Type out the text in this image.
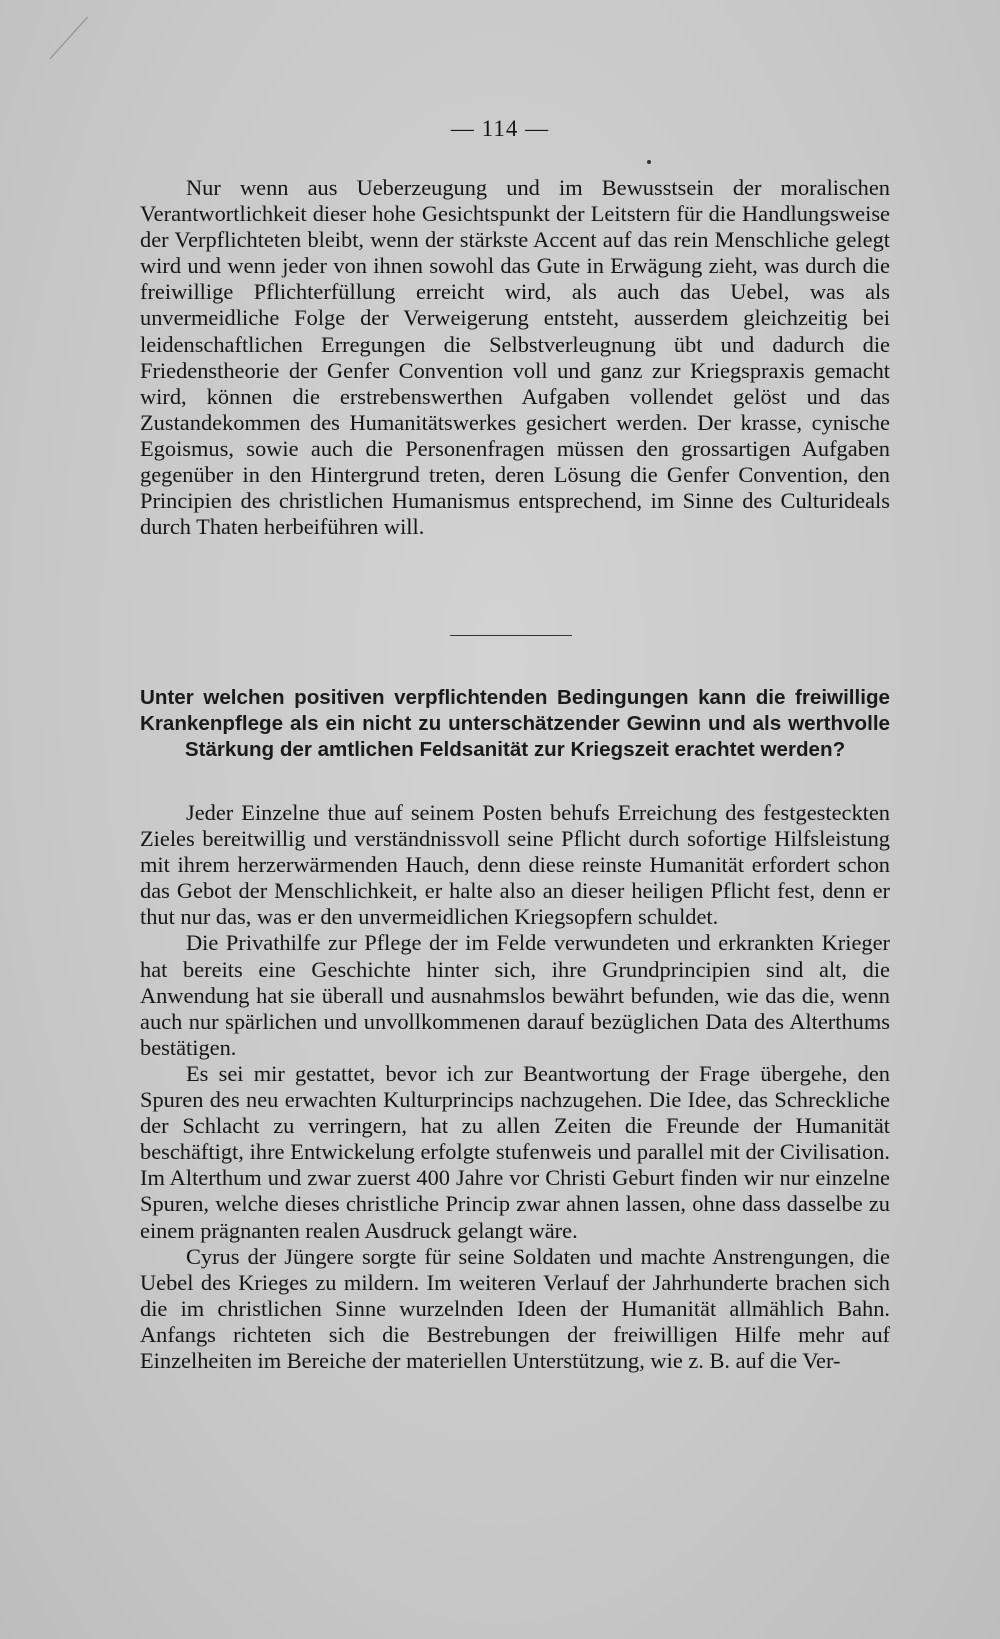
— 114 —

Nur wenn aus Ueberzeugung und im Bewusstsein der moralischen Verantwortlichkeit dieser hohe Gesichtspunkt der Leitstern für die Handlungsweise der Verpflichteten bleibt, wenn der stärkste Accent auf das rein Menschliche gelegt wird und wenn jeder von ihnen sowohl das Gute in Erwägung zieht, was durch die freiwillige Pflichterfüllung erreicht wird, als auch das Uebel, was als unvermeidliche Folge der Verweigerung entsteht, ausserdem gleichzeitig bei leidenschaftlichen Erregungen die Selbstverleugnung übt und dadurch die Friedenstheorie der Genfer Convention voll und ganz zur Kriegspraxis gemacht wird, können die erstrebenswerthen Aufgaben vollendet gelöst und das Zustandekommen des Humanitätswerkes gesichert werden. Der krasse, cynische Egoismus, sowie auch die Personenfragen müssen den grossartigen Aufgaben gegenüber in den Hintergrund treten, deren Lösung die Genfer Convention, den Principien des christlichen Humanismus entsprechend, im Sinne des Culturideals durch Thaten herbeiführen will.

Unter welchen positiven verpflichtenden Bedingungen kann die freiwillige Krankenpflege als ein nicht zu unterschätzender Gewinn und als werthvolle Stärkung der amtlichen Feldsanität zur Kriegszeit erachtet werden?

Jeder Einzelne thue auf seinem Posten behufs Erreichung des festgesteckten Zieles bereitwillig und verständnissvoll seine Pflicht durch sofortige Hilfsleistung mit ihrem herzerwärmenden Hauch, denn diese reinste Humanität erfordert schon das Gebot der Menschlichkeit, er halte also an dieser heiligen Pflicht fest, denn er thut nur das, was er den unvermeidlichen Kriegsopfern schuldet.

Die Privathilfe zur Pflege der im Felde verwundeten und erkrankten Krieger hat bereits eine Geschichte hinter sich, ihre Grundprincipien sind alt, die Anwendung hat sie überall und ausnahmslos bewährt befunden, wie das die, wenn auch nur spärlichen und unvollkommenen darauf bezüglichen Data des Alterthums bestätigen.

Es sei mir gestattet, bevor ich zur Beantwortung der Frage übergehe, den Spuren des neu erwachten Kulturprincips nachzugehen. Die Idee, das Schreckliche der Schlacht zu verringern, hat zu allen Zeiten die Freunde der Humanität beschäftigt, ihre Entwickelung erfolgte stufenweis und parallel mit der Civilisation. Im Alterthum und zwar zuerst 400 Jahre vor Christi Geburt finden wir nur einzelne Spuren, welche dieses christliche Princip zwar ahnen lassen, ohne dass dasselbe zu einem prägnanten realen Ausdruck gelangt wäre.

Cyrus der Jüngere sorgte für seine Soldaten und machte Anstrengungen, die Uebel des Krieges zu mildern. Im weiteren Verlauf der Jahrhunderte brachen sich die im christlichen Sinne wurzelnden Ideen der Humanität allmählich Bahn. Anfangs richteten sich die Bestrebungen der freiwilligen Hilfe mehr auf Einzelheiten im Bereiche der materiellen Unterstützung, wie z. B. auf die Ver-
